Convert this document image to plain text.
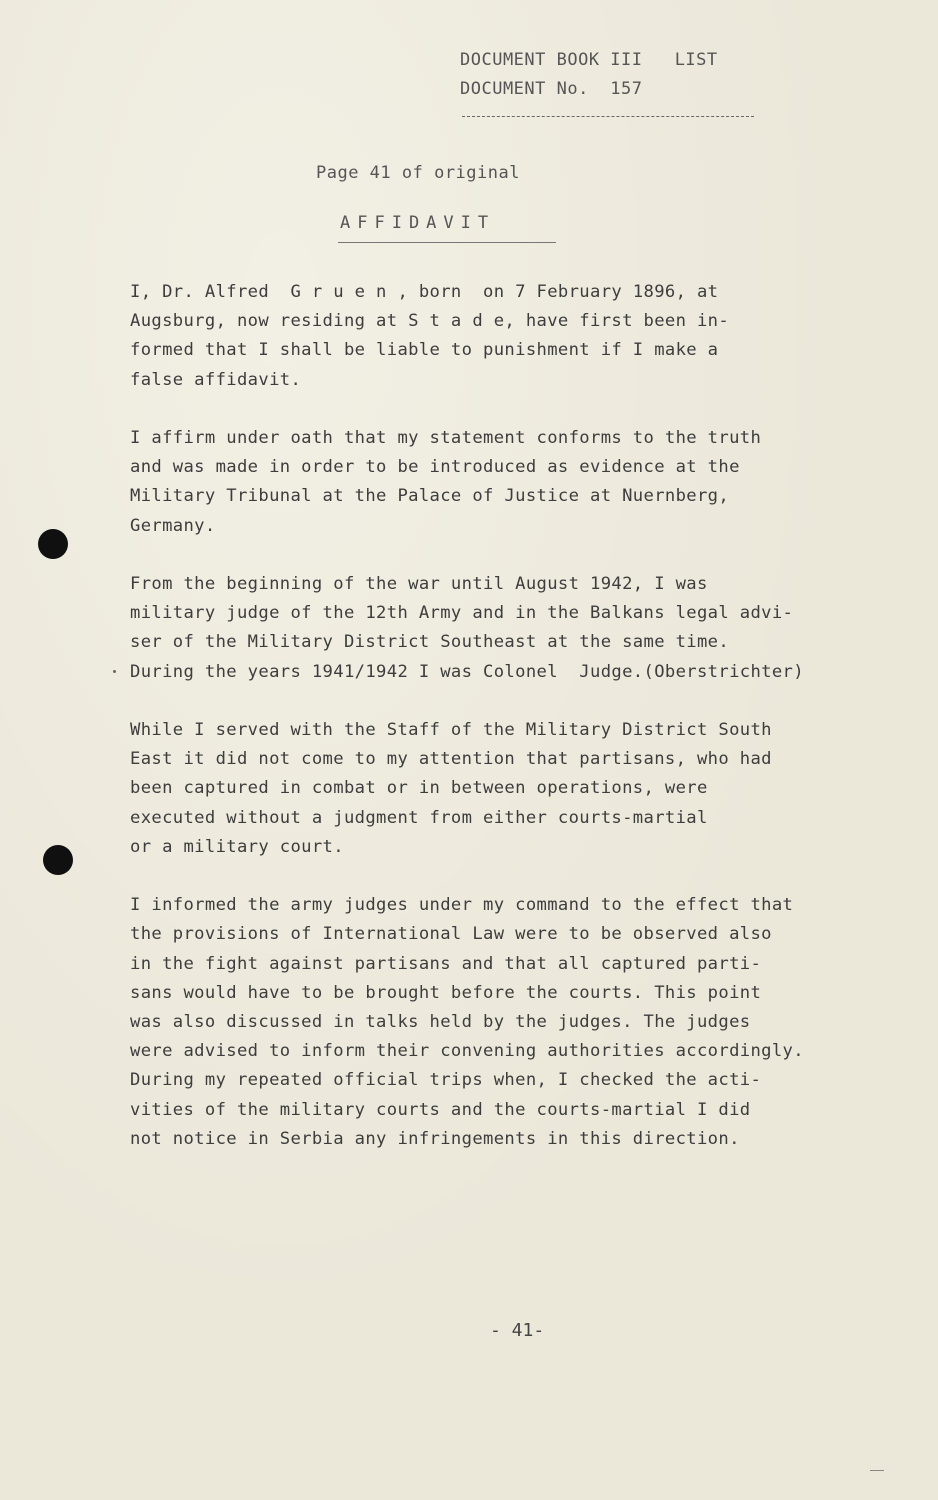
DOCUMENT BOOK III   LIST
DOCUMENT No.  157
Page 41 of original
AFFIDAVIT

I, Dr. Alfred  G r u e n , born  on 7 February 1896, at
Augsburg, now residing at S t a d e, have first been in-
formed that I shall be liable to punishment if I make a
false affidavit.

I affirm under oath that my statement conforms to the truth
and was made in order to be introduced as evidence at the
Military Tribunal at the Palace of Justice at Nuernberg,
Germany.

From the beginning of the war until August 1942, I was
military judge of the 12th Army and in the Balkans legal advi-
ser of the Military District Southeast at the same time.
During the years 1941/1942 I was Colonel  Judge.(Oberstrichter)

While I served with the Staff of the Military District South
East it did not come to my attention that partisans, who had
been captured in combat or in between operations, were
executed without a judgment from either courts-martial
or a military court.

I informed the army judges under my command to the effect that
the provisions of International Law were to be observed also
in the fight against partisans and that all captured parti-
sans would have to be brought before the courts. This point
was also discussed in talks held by the judges. The judges
were advised to inform their convening authorities accordingly.
During my repeated official trips when, I checked the acti-
vities of the military courts and the courts-martial I did
not notice in Serbia any infringements in this direction.

- 41-
